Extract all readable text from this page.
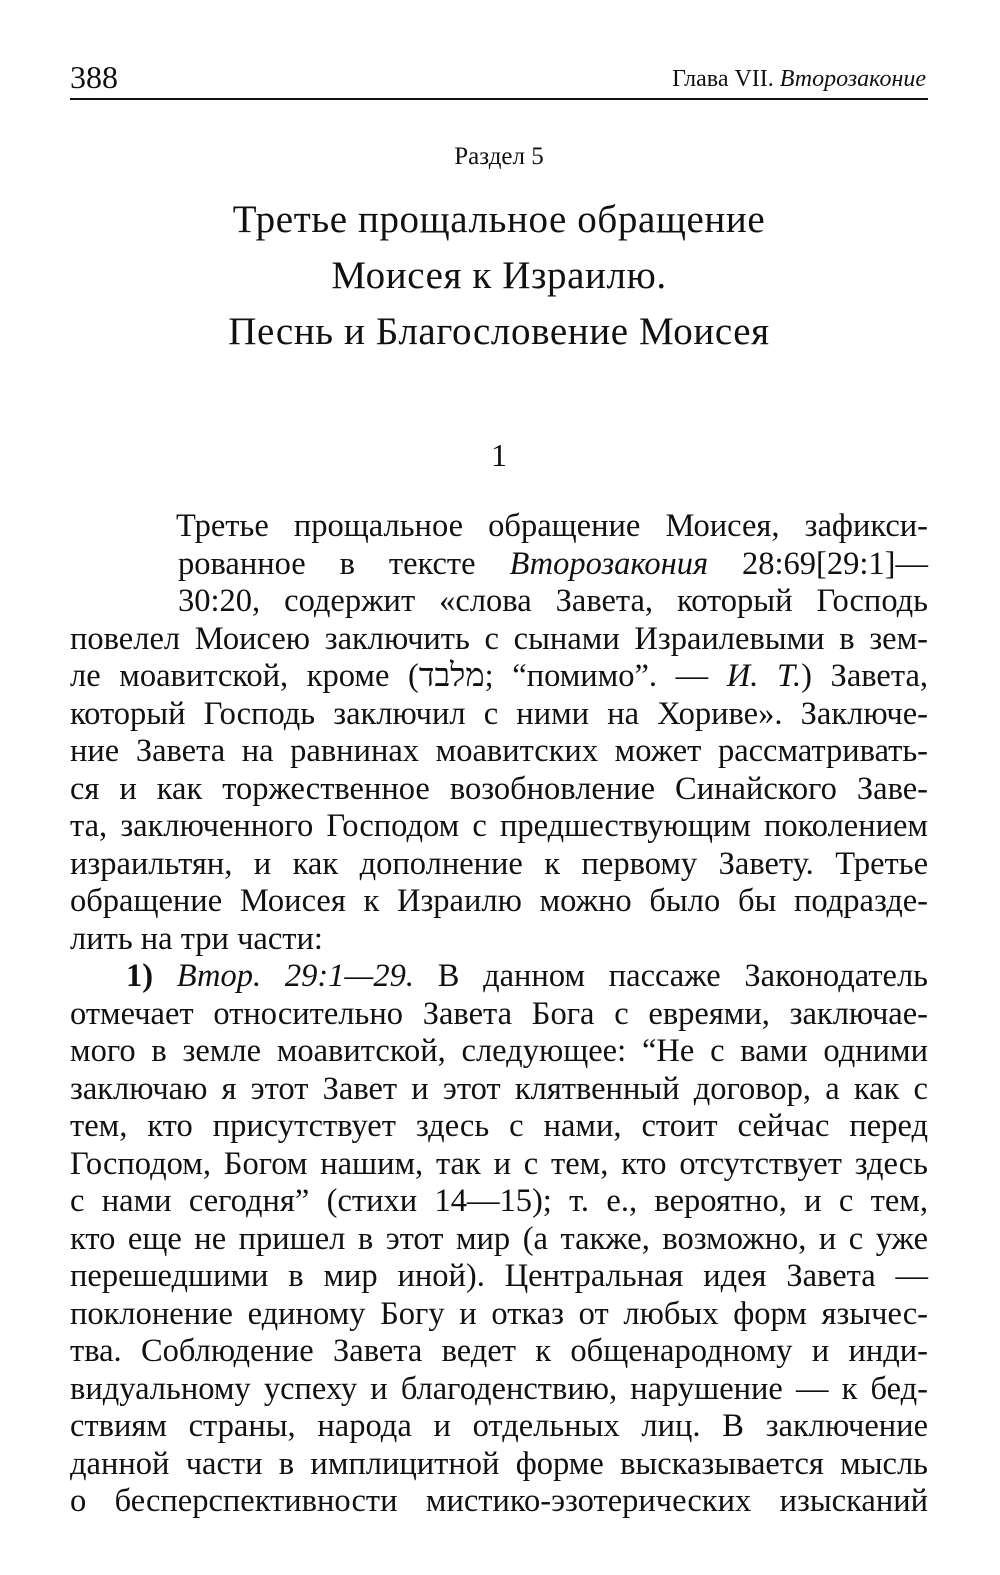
388	Глава VII. Второзаконие
Раздел 5
Третье прощальное обращение
Моисея к Израилю.
Песнь и Благословение Моисея
1
Третье прощальное обращение Моисея, зафикси-
рованное в тексте Второзакония 28:69[29:1]—
30:20, содержит «слова Завета, который Господь
повелел Моисею заключить с сынами Израилевыми в зем-
ле моавитской, кроме (מלבד; “помимо”. — И. Т.) Завета,
который Господь заключил с ними на Хориве». Заключе-
ние Завета на равнинах моавитских может рассматривать-
ся и как торжественное возобновление Синайского Заве-
та, заключенного Господом с предшествующим поколением
израильтян, и как дополнение к первому Завету. Третье
обращение Моисея к Израилю можно было бы подразде-
лить на три части:
1) Втор. 29:1—29. В данном пассаже Законодатель
отмечает относительно Завета Бога с евреями, заключае-
мого в земле моавитской, следующее: “Не с вами одними
заключаю я этот Завет и этот клятвенный договор, а как с
тем, кто присутствует здесь с нами, стоит сейчас перед
Господом, Богом нашим, так и с тем, кто отсутствует здесь
с нами сегодня” (стихи 14—15); т. е., вероятно, и с тем,
кто еще не пришел в этот мир (а также, возможно, и с уже
перешедшими в мир иной). Центральная идея Завета —
поклонение единому Богу и отказ от любых форм язычес-
тва. Соблюдение Завета ведет к общенародному и инди-
видуальному успеху и благоденствию, нарушение — к бед-
ствиям страны, народа и отдельных лиц. В заключение
данной части в имплицитной форме высказывается мысль
о бесперспективности мистико-эзотерических изысканий
